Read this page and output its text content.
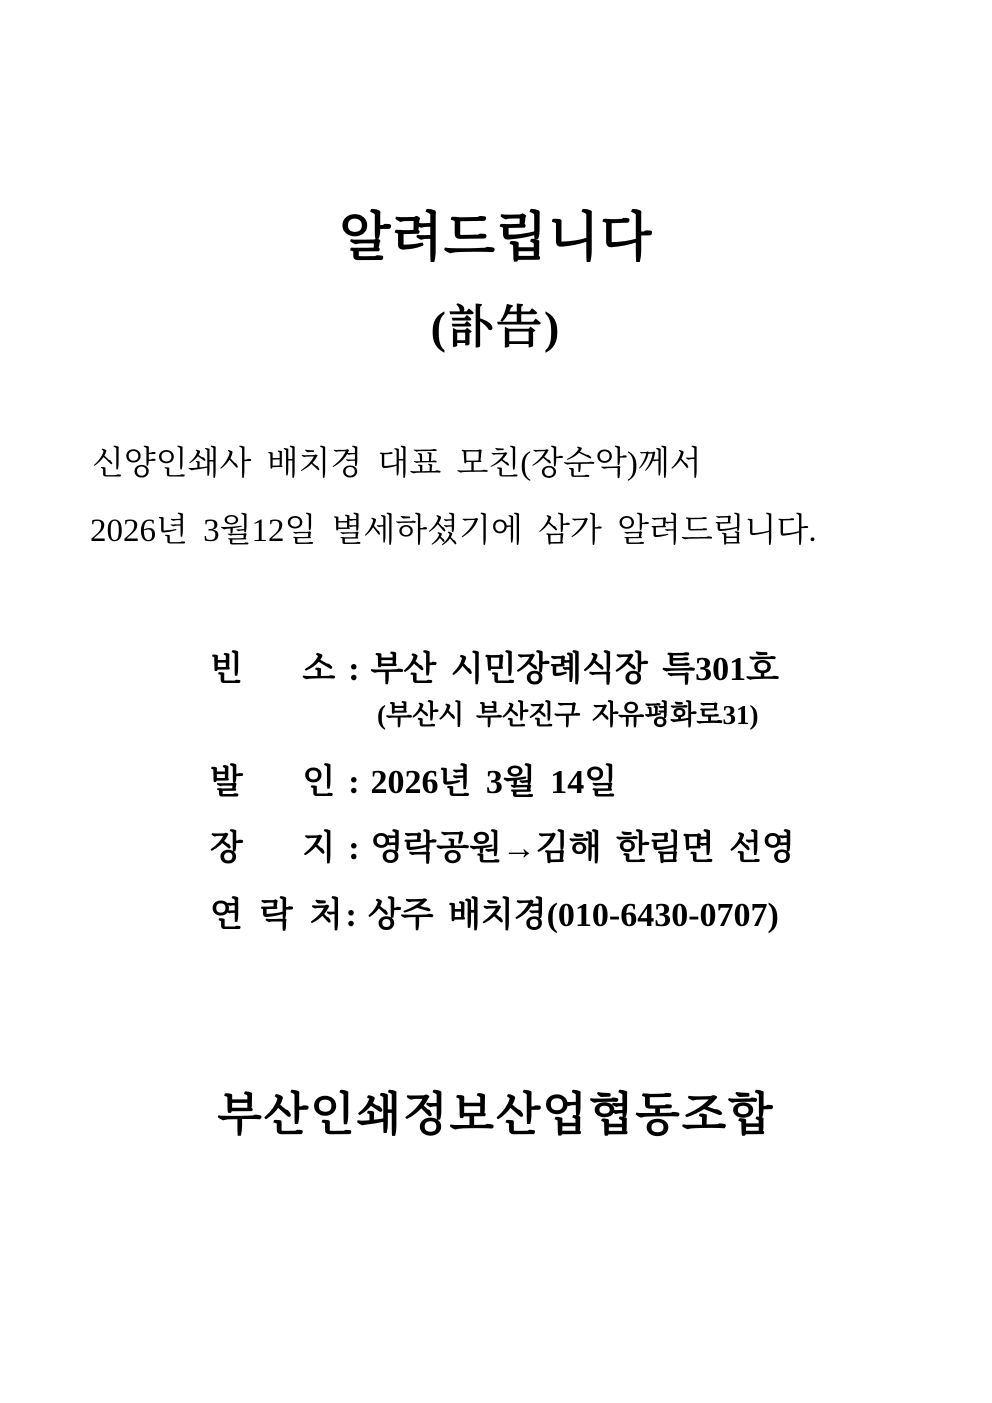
알려드립니다
(訃告)

신양인쇄사 배치경 대표 모친(장순악)께서

2026년 3월12일 별세하셨기에 삼가 알려드립니다.

빈       소 : 부산 시민장례식장 특301호
(부산시 부산진구 자유평화로31)
발       인 : 2026년 3월 14일
장       지 : 영락공원→김해 한림면 선영
연  락  처: 상주 배치경(010-6430-0707)
부산인쇄정보산업협동조합
